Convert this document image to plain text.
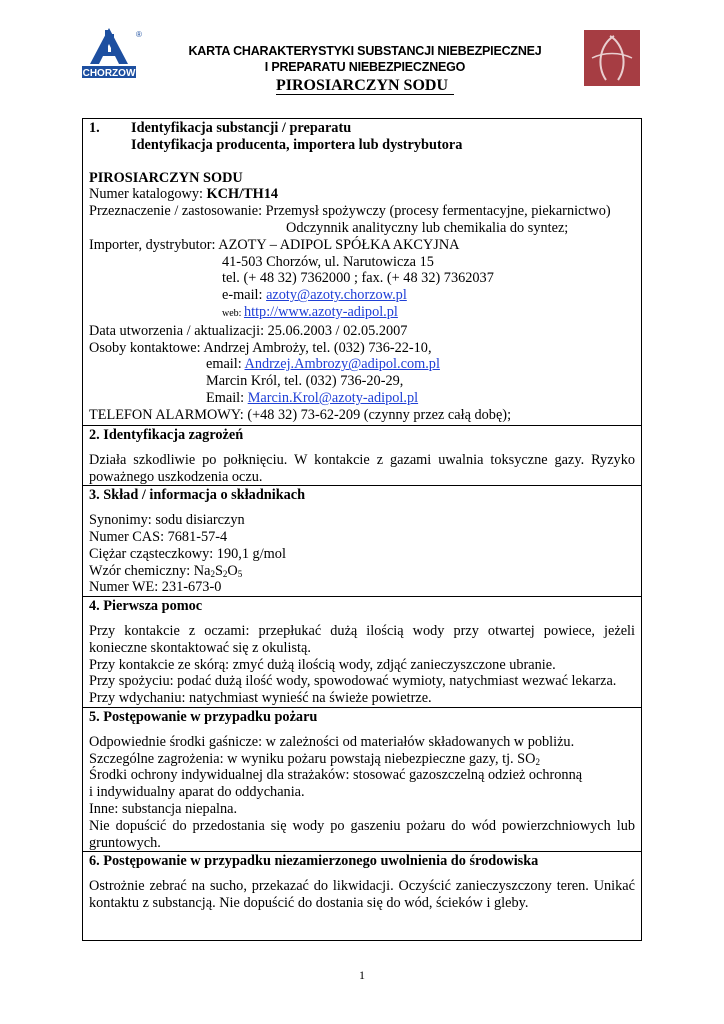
CHORZOW
®
KARTA CHARAKTERYSTYKI SUBSTANCJI NIEBEZPIECZNEJ
I PREPARATU NIEBEZPIECZNEGO
PIROSIARCZYN SODU
1. Identyfikacja substancji / preparatu
Identyfikacja producenta, importera lub dystrybutora
PIROSIARCZYN SODU
Numer katalogowy: KCH/TH14
Przeznaczenie / zastosowanie: Przemysł spożywczy (procesy fermentacyjne, piekarnictwo)
Odczynnik analityczny lub chemikalia do syntez;
Importer, dystrybutor: AZOTY – ADIPOL SPÓŁKA AKCYJNA
41-503 Chorzów, ul. Narutowicza 15
tel. (+ 48 32) 7362000 ; fax. (+ 48 32) 7362037
e-mail: azoty@azoty.chorzow.pl
web: http://www.azoty-adipol.pl
Data utworzenia / aktualizacji: 25.06.2003 / 02.05.2007
Osoby kontaktowe: Andrzej Ambroży, tel. (032) 736-22-10,
email: Andrzej.Ambrozy@adipol.com.pl
Marcin Król, tel. (032) 736-20-29,
Email: Marcin.Krol@azoty-adipol.pl
TELEFON ALARMOWY: (+48 32) 73-62-209 (czynny przez całą dobę);

2. Identyfikacja zagrożeń
Działa szkodliwie po połknięciu. W kontakcie z gazami uwalnia toksyczne gazy. Ryzyko poważnego uszkodzenia oczu.

3. Skład / informacja o składnikach
Synonimy: sodu disiarczyn
Numer CAS: 7681-57-4
Ciężar cząsteczkowy: 190,1 g/mol
Wzór chemiczny: $Na_2S_2O_5$
Numer WE: 231-673-0

4. Pierwsza pomoc
Przy kontakcie z oczami: przepłukać dużą ilością wody przy otwartej powiece, jeżeli konieczne skontaktować się z okulistą.
Przy kontakcie ze skórą: zmyć dużą ilością wody, zdjąć zanieczyszczone ubranie.
Przy spożyciu: podać dużą ilość wody, spowodować wymioty, natychmiast wezwać lekarza.
Przy wdychaniu: natychmiast wynieść na świeże powietrze.

5. Postępowanie w przypadku pożaru
Odpowiednie środki gaśnicze: w zależności od materiałów składowanych w pobliżu.
Szczególne zagrożenia: w wyniku pożaru powstają niebezpieczne gazy, tj. $SO_2$
Środki ochrony indywidualnej dla strażaków: stosować gazoszczelną odzież ochronną
i indywidualny aparat do oddychania.
Inne: substancja niepalna.
Nie dopuścić do przedostania się wody po gaszeniu pożaru do wód powierzchniowych lub gruntowych.

6. Postępowanie w przypadku niezamierzonego uwolnienia do środowiska
Ostrożnie zebrać na sucho, przekazać do likwidacji. Oczyścić zanieczyszczony teren. Unikać kontaktu z substancją. Nie dopuścić do dostania się do wód, ścieków i gleby.
1
